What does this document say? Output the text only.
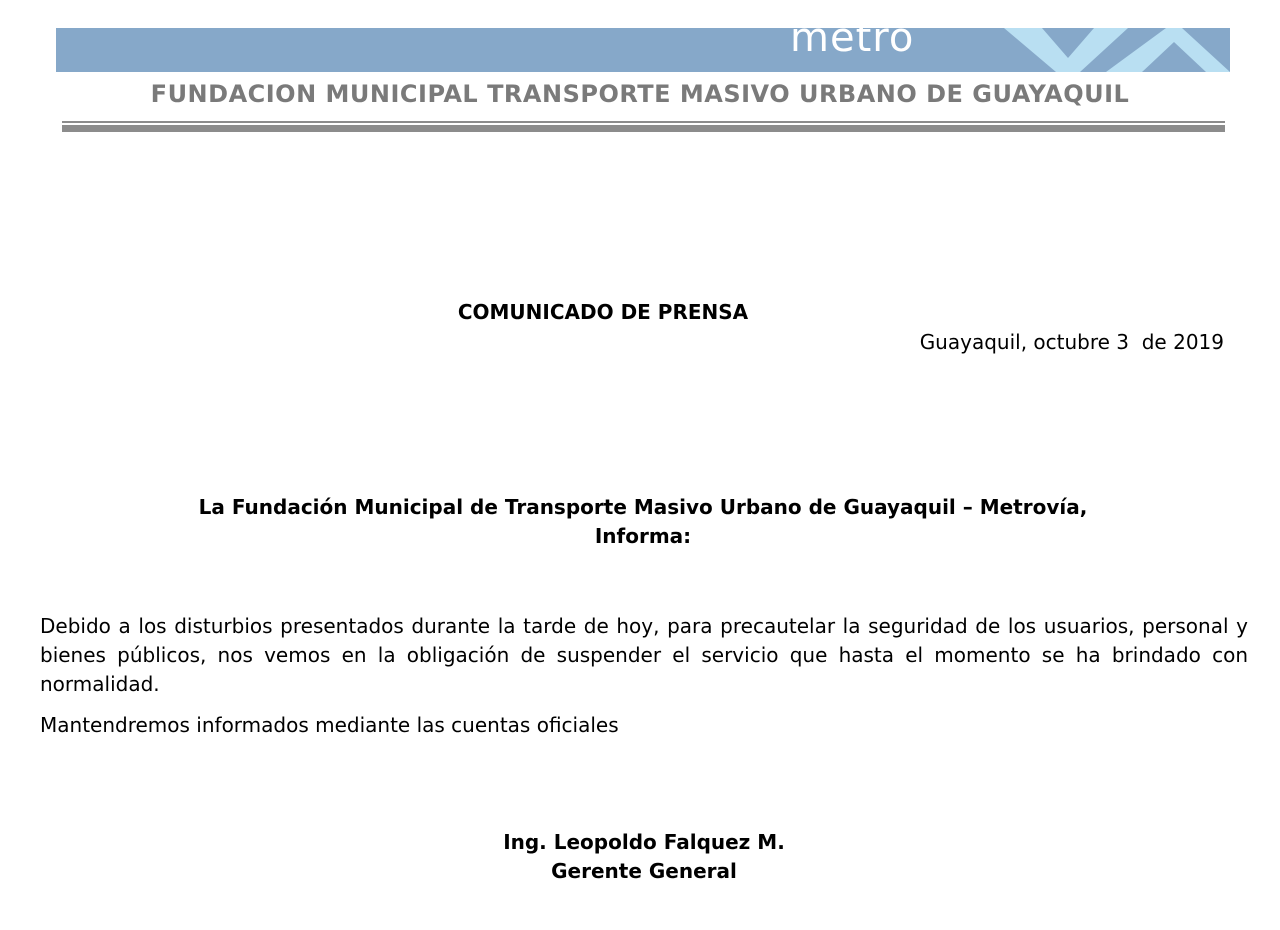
metro
FUNDACION MUNICIPAL TRANSPORTE MASIVO URBANO DE GUAYAQUIL
COMUNICADO DE PRENSA
Guayaquil, octubre 3  de 2019
La Fundación Municipal de Transporte Masivo Urbano de Guayaquil – Metrovía,
Informa:
Debido a los disturbios presentados durante la tarde de hoy, para precautelar la seguridad de los usuarios, personal y bienes públicos, nos vemos en la obligación de suspender el servicio que hasta el momento se ha brindado con normalidad.
Mantendremos informados mediante las cuentas oficiales
Ing. Leopoldo Falquez M.
Gerente General
